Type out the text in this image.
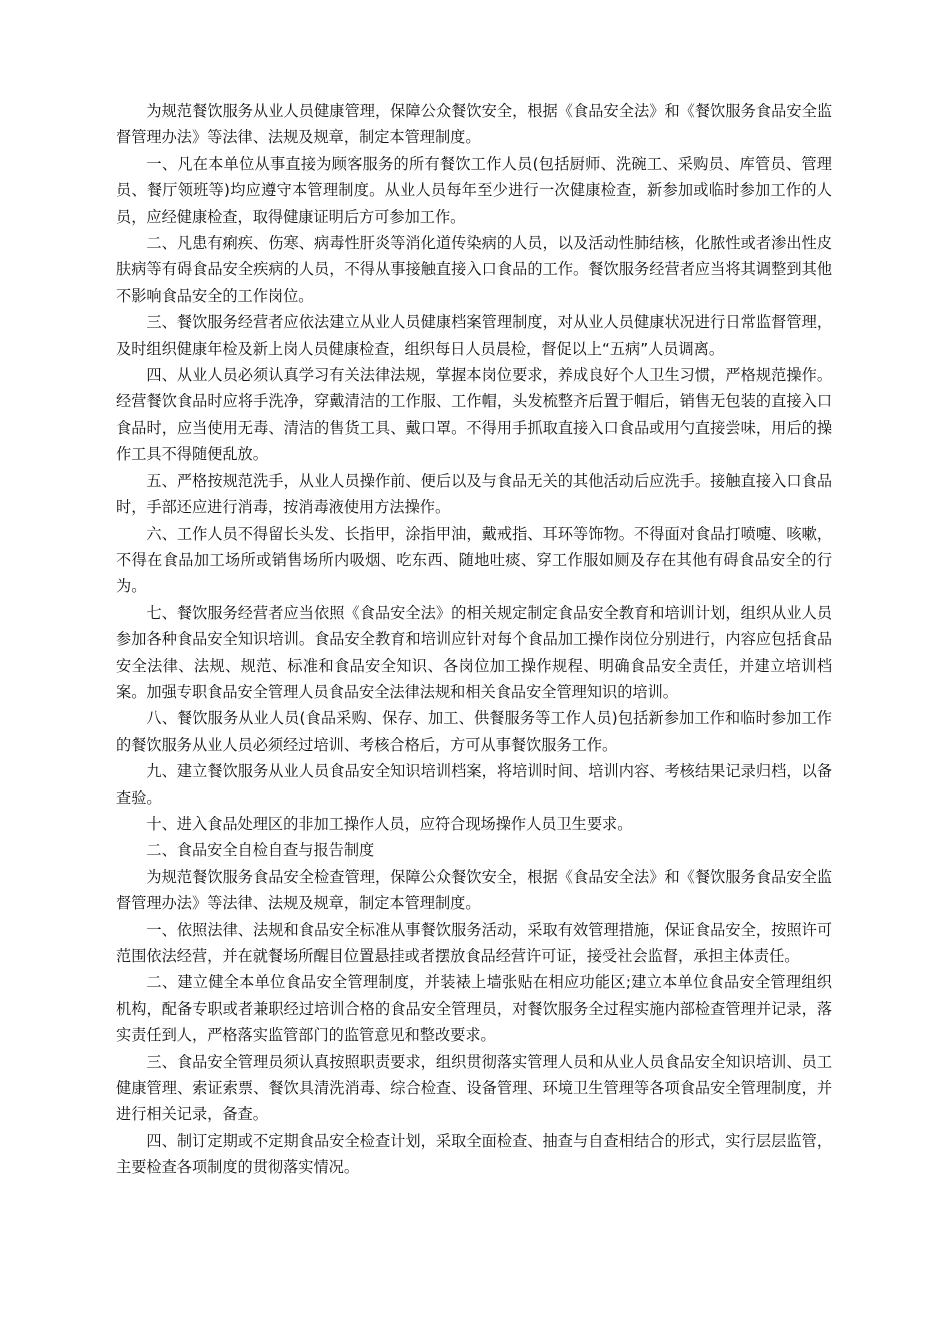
为规范餐饮服务从业人员健康管理，保障公众餐饮安全，根据《食品安全法》和《餐饮服务食品安全监督管理办法》等法律、法规及规章，制定本管理制度。

一、凡在本单位从事直接为顾客服务的所有餐饮工作人员(包括厨师、洗碗工、采购员、库管员、管理员、餐厅领班等)均应遵守本管理制度。从业人员每年至少进行一次健康检查，新参加或临时参加工作的人员，应经健康检查，取得健康证明后方可参加工作。

二、凡患有痢疾、伤寒、病毒性肝炎等消化道传染病的人员，以及活动性肺结核，化脓性或者渗出性皮肤病等有碍食品安全疾病的人员，不得从事接触直接入口食品的工作。餐饮服务经营者应当将其调整到其他不影响食品安全的工作岗位。

三、餐饮服务经营者应依法建立从业人员健康档案管理制度，对从业人员健康状况进行日常监督管理，及时组织健康年检及新上岗人员健康检查，组织每日人员晨检，督促以上“五病”人员调离。

四、从业人员必须认真学习有关法律法规，掌握本岗位要求，养成良好个人卫生习惯，严格规范操作。经营餐饮食品时应将手洗净，穿戴清洁的工作服、工作帽，头发梳整齐后置于帽后，销售无包装的直接入口食品时，应当使用无毒、清洁的售货工具、戴口罩。不得用手抓取直接入口食品或用勺直接尝味，用后的操作工具不得随便乱放。

五、严格按规范洗手，从业人员操作前、便后以及与食品无关的其他活动后应洗手。接触直接入口食品时，手部还应进行消毒，按消毒液使用方法操作。

六、工作人员不得留长头发、长指甲，涂指甲油，戴戒指、耳环等饰物。不得面对食品打喷嚏、咳嗽，不得在食品加工场所或销售场所内吸烟、吃东西、随地吐痰、穿工作服如厕及存在其他有碍食品安全的行为。

七、餐饮服务经营者应当依照《食品安全法》的相关规定制定食品安全教育和培训计划，组织从业人员参加各种食品安全知识培训。食品安全教育和培训应针对每个食品加工操作岗位分别进行，内容应包括食品安全法律、法规、规范、标准和食品安全知识、各岗位加工操作规程、明确食品安全责任，并建立培训档案。加强专职食品安全管理人员食品安全法律法规和相关食品安全管理知识的培训。

八、餐饮服务从业人员(食品采购、保存、加工、供餐服务等工作人员)包括新参加工作和临时参加工作的餐饮服务从业人员必须经过培训、考核合格后，方可从事餐饮服务工作。

九、建立餐饮服务从业人员食品安全知识培训档案，将培训时间、培训内容、考核结果记录归档，以备查验。

十、进入食品处理区的非加工操作人员，应符合现场操作人员卫生要求。

二、食品安全自检自查与报告制度

为规范餐饮服务食品安全检查管理，保障公众餐饮安全，根据《食品安全法》和《餐饮服务食品安全监督管理办法》等法律、法规及规章，制定本管理制度。

一、依照法律、法规和食品安全标准从事餐饮服务活动，采取有效管理措施，保证食品安全，按照许可范围依法经营，并在就餐场所醒目位置悬挂或者摆放食品经营许可证，接受社会监督，承担主体责任。

二、建立健全本单位食品安全管理制度，并装裱上墙张贴在相应功能区;建立本单位食品安全管理组织机构，配备专职或者兼职经过培训合格的食品安全管理员，对餐饮服务全过程实施内部检查管理并记录，落实责任到人，严格落实监管部门的监管意见和整改要求。

三、食品安全管理员须认真按照职责要求，组织贯彻落实管理人员和从业人员食品安全知识培训、员工健康管理、索证索票、餐饮具清洗消毒、综合检查、设备管理、环境卫生管理等各项食品安全管理制度，并进行相关记录，备查。

四、制订定期或不定期食品安全检查计划，采取全面检查、抽查与自查相结合的形式，实行层层监管，主要检查各项制度的贯彻落实情况。
